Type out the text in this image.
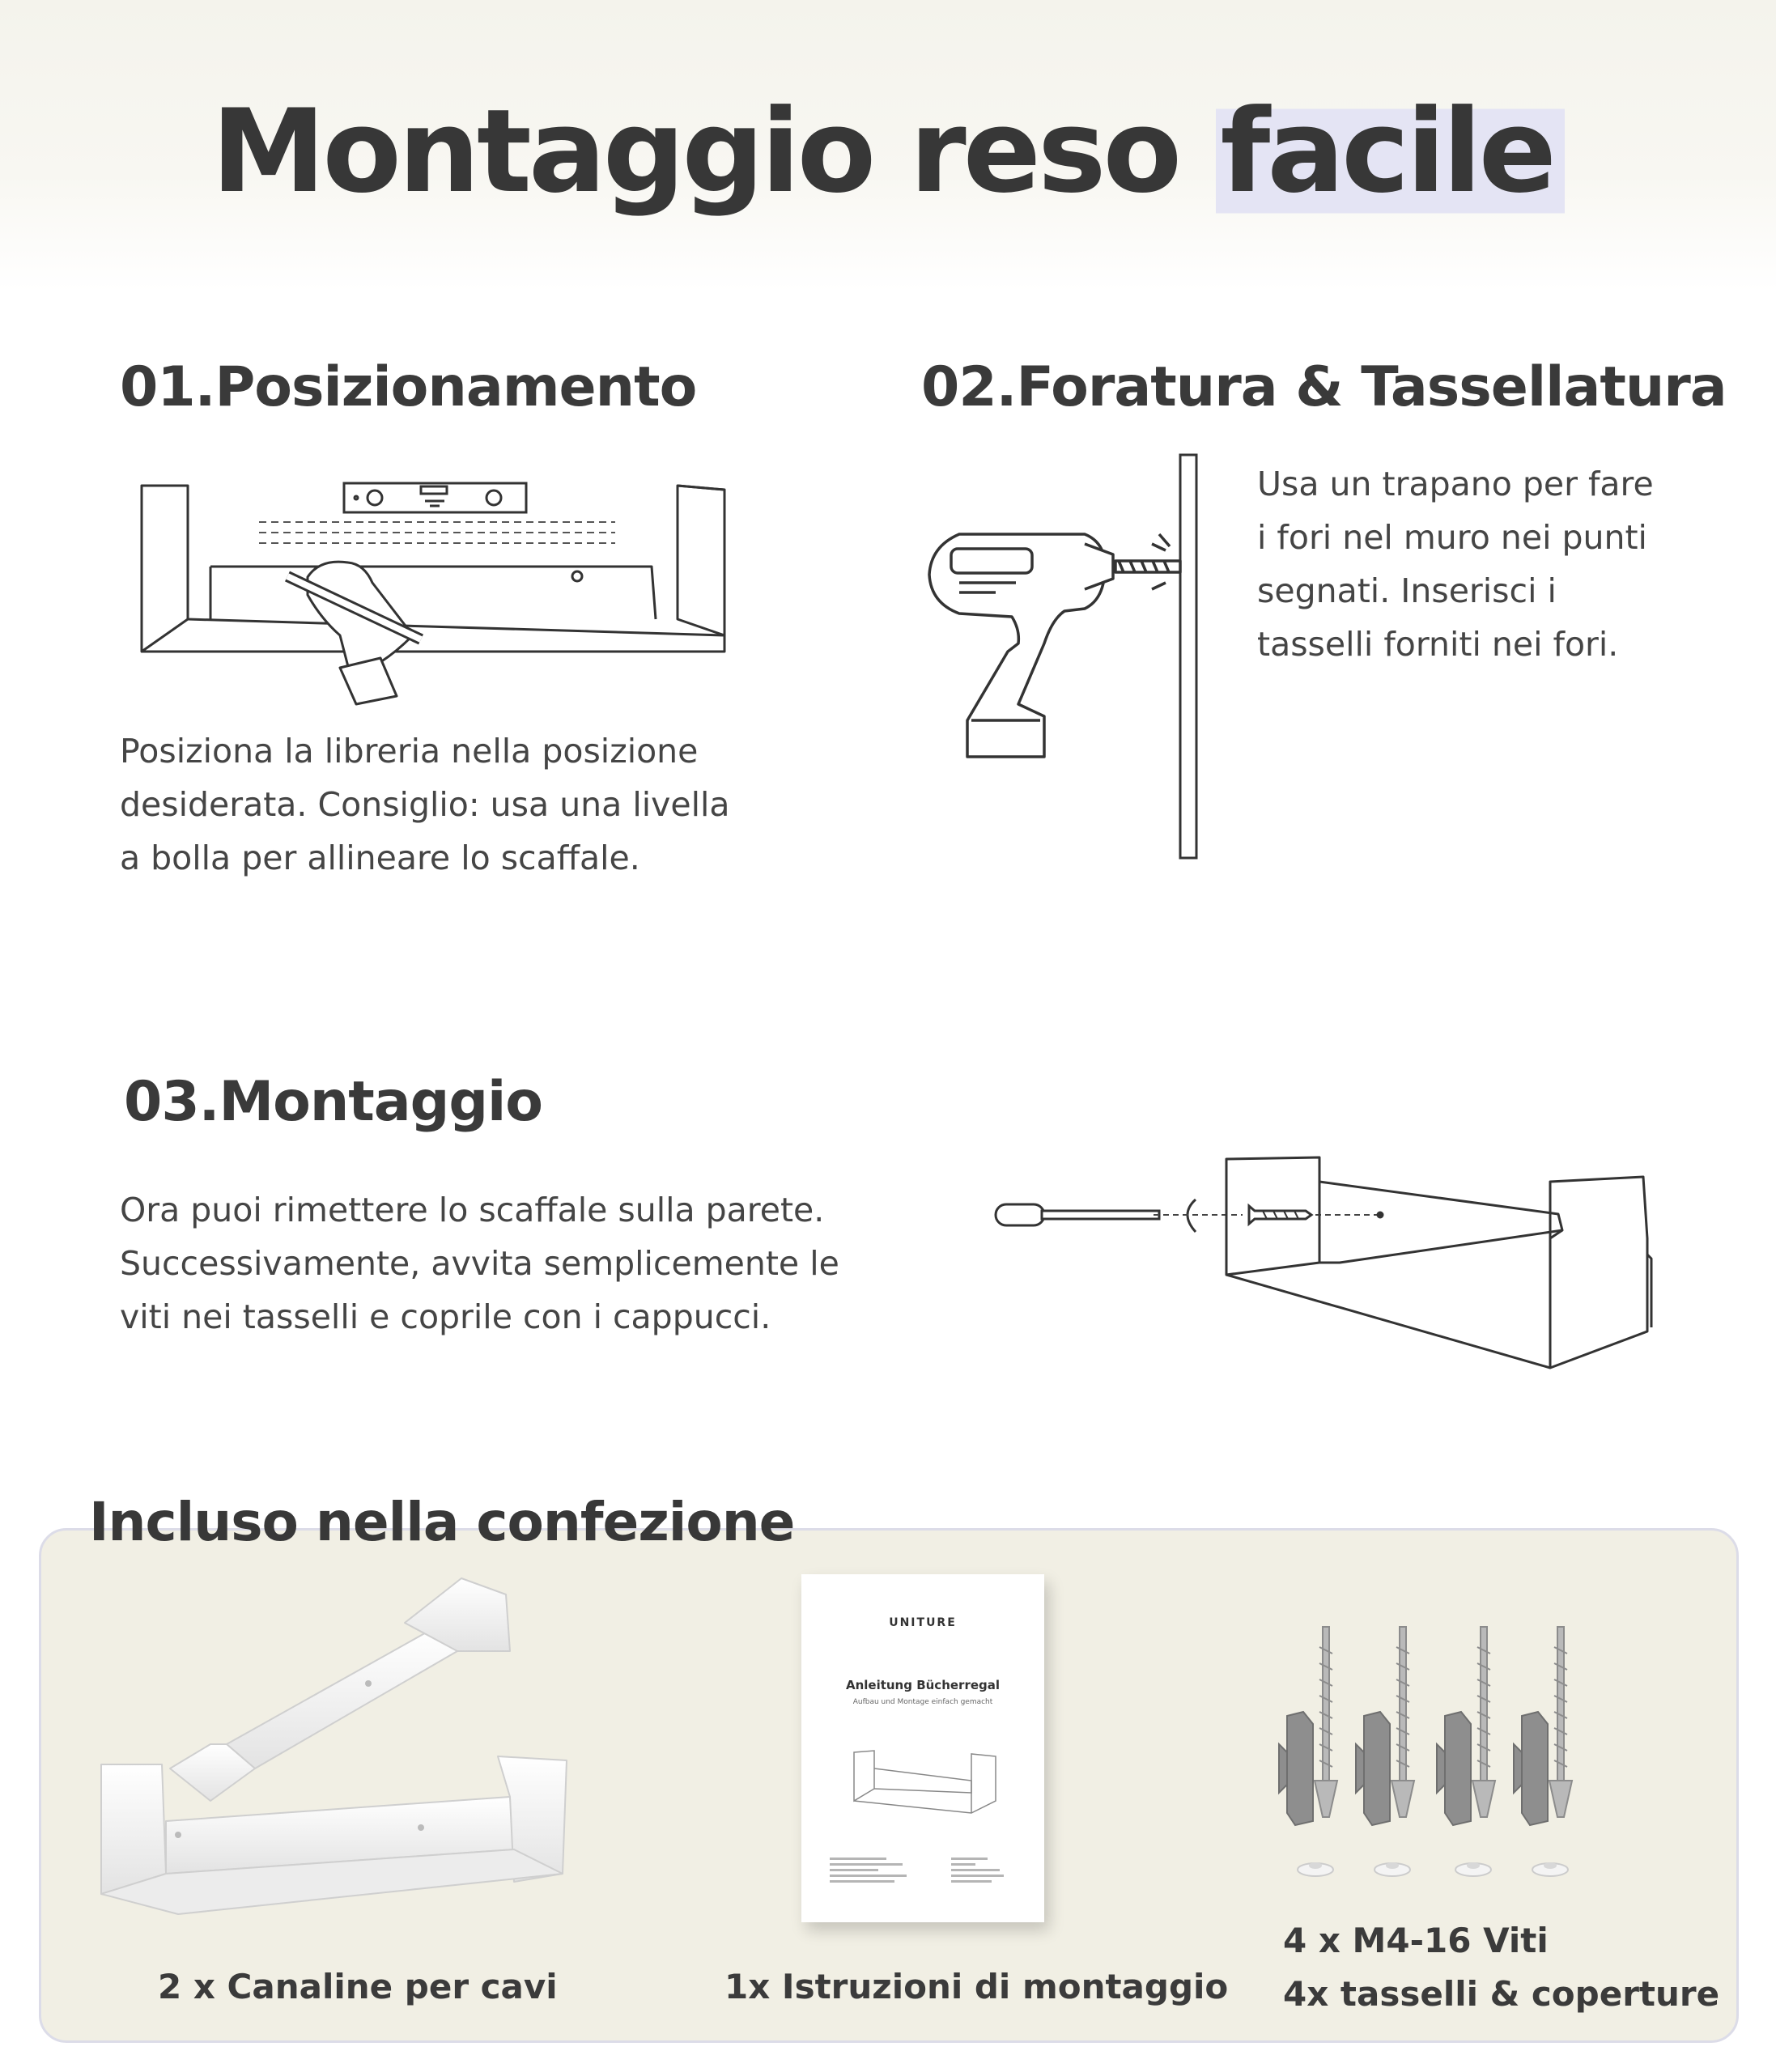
Montaggio reso facile
01.Posizionamento
Posiziona la libreria nella posizione
desiderata. Consiglio: usa una livella
a bolla per allineare lo scaffale.
02.Foratura & Tassellatura
Usa un trapano per fare
i fori nel muro nei punti
segnati. Inserisci i
tasselli forniti nei fori.
03.Montaggio
Ora puoi rimettere lo scaffale sulla parete.
Successivamente, avvita semplicemente le
viti nei tasselli e coprile con i cappucci.
Incluso nella confezione
UNITURE
Anleitung Bücherregal
Aufbau und Montage einfach gemacht
2 x Canaline per cavi	1x Istruzioni di montaggio
4 x M4-16 Viti
4x tasselli & coperture
